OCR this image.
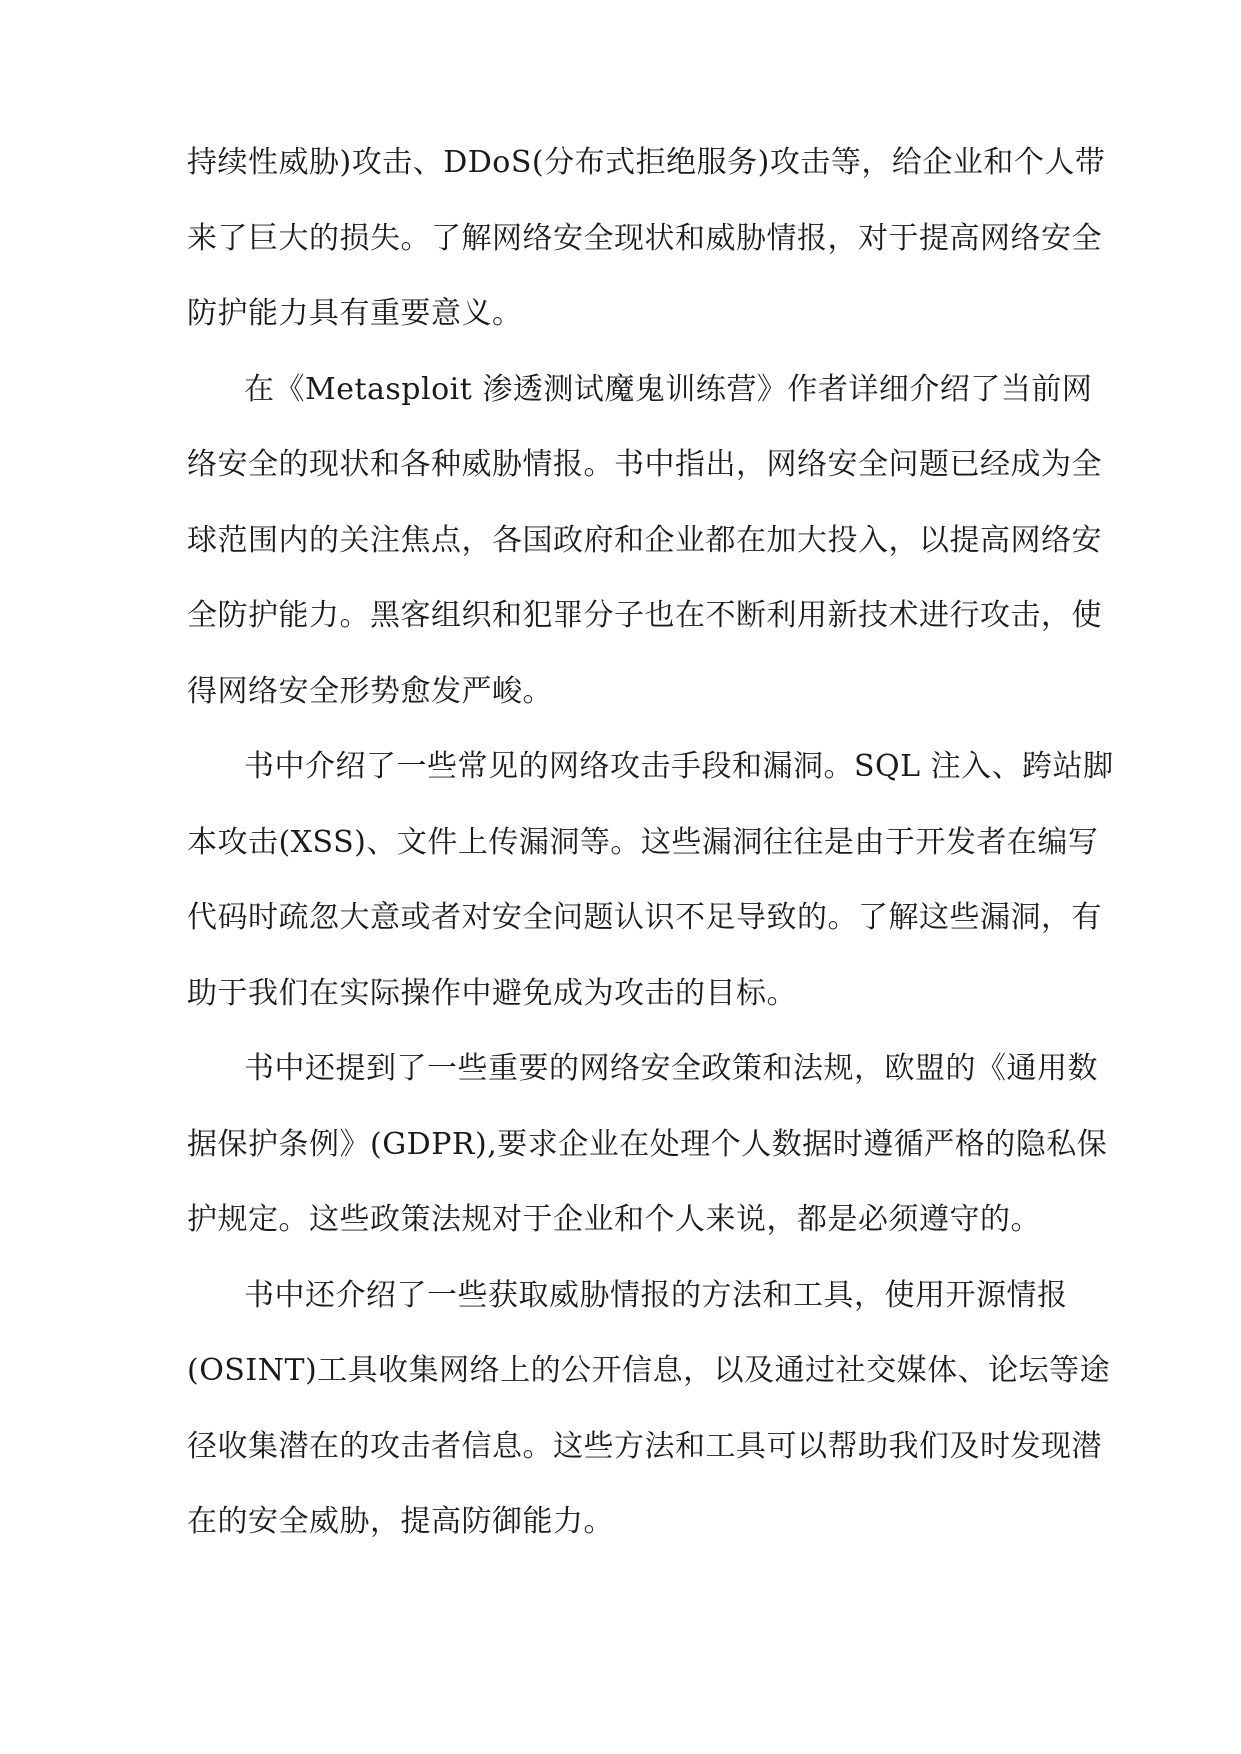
持续性威胁)攻击、DDoS(分布式拒绝服务)攻击等，给企业和个人带
来了巨大的损失。了解网络安全现状和威胁情报，对于提高网络安全
防护能力具有重要意义。
在《Metasploit 渗透测试魔鬼训练营》作者详细介绍了当前网
络安全的现状和各种威胁情报。书中指出，网络安全问题已经成为全
球范围内的关注焦点，各国政府和企业都在加大投入，以提高网络安
全防护能力。黑客组织和犯罪分子也在不断利用新技术进行攻击，使
得网络安全形势愈发严峻。
书中介绍了一些常见的网络攻击手段和漏洞。SQL 注入、跨站脚
本攻击(XSS)、文件上传漏洞等。这些漏洞往往是由于开发者在编写
代码时疏忽大意或者对安全问题认识不足导致的。了解这些漏洞，有
助于我们在实际操作中避免成为攻击的目标。
书中还提到了一些重要的网络安全政策和法规，欧盟的《通用数
据保护条例》(GDPR),要求企业在处理个人数据时遵循严格的隐私保
护规定。这些政策法规对于企业和个人来说，都是必须遵守的。
书中还介绍了一些获取威胁情报的方法和工具，使用开源情报
(OSINT)工具收集网络上的公开信息，以及通过社交媒体、论坛等途
径收集潜在的攻击者信息。这些方法和工具可以帮助我们及时发现潜
在的安全威胁，提高防御能力。
